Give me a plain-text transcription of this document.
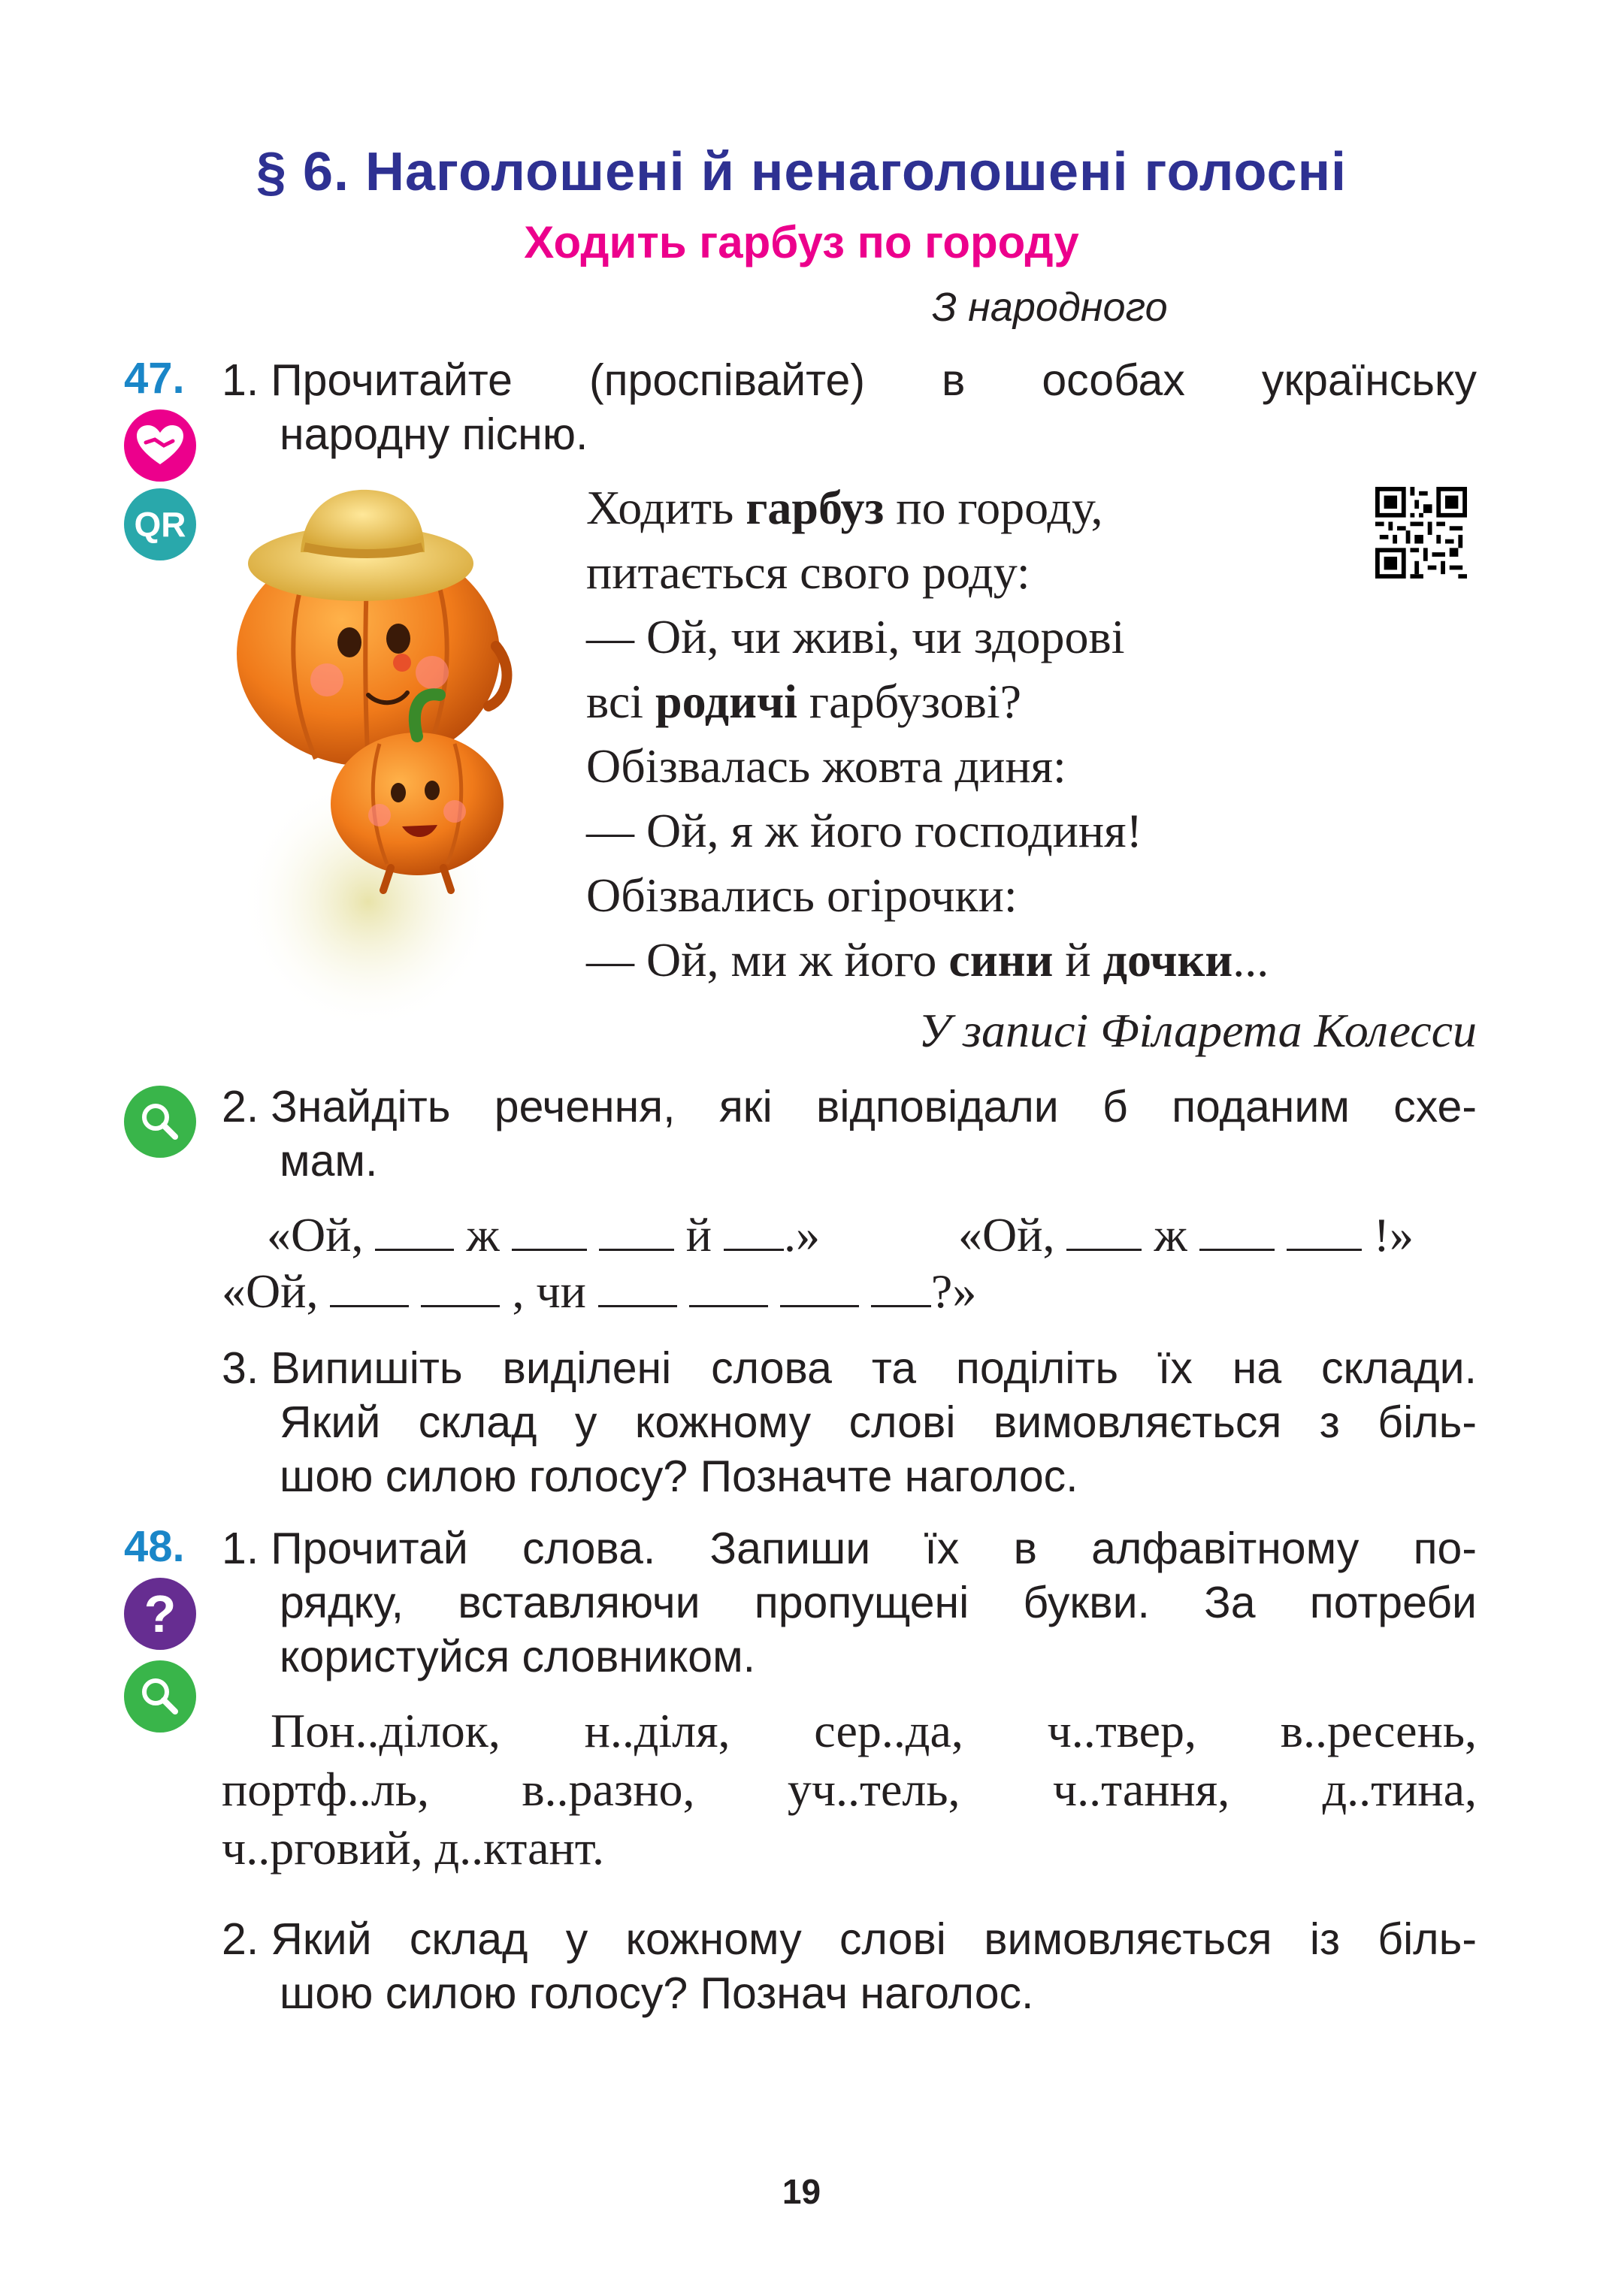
§ 6. Наголошені й ненаголошені голосні
Ходить гарбуз по городу
З народного
47.
QR
1. Прочитайте (проспівайте) в особах українську
народну пісню.
Ходить гарбуз по городу,
питається свого роду:
— Ой, чи живі, чи здорові
всі родичі гарбузові?
Обізвалась жовта диня:
— Ой, я ж його господиня!
Обізвались огірочки:
— Ой, ми ж його сини й дочки...
У записі Філарета Колесси
2. Знайдіть речення, які відповідали б поданим схе-
мам.
«Ой, ж	й .»	«Ой, ж	!»
«Ой,	, чи	?»
3. Випишіть виділені слова та поділіть їх на склади.
Який склад у кожному слові вимовляється з біль-
шою силою голосу? Позначте наголос.
48.
?
1. Прочитай слова. Запиши їх в алфавітному по-
рядку, вставляючи пропущені букви. За потреби
користуйся словником.
Пон..ділок, н..діля, сер..да, ч..твер, в..ресень,
портф..ль, в..разно, уч..тель, ч..тання, д..тина,
ч..рговий, д..ктант.
2. Який склад у кожному слові вимовляється із біль-
шою силою голосу? Познач наголос.
19
